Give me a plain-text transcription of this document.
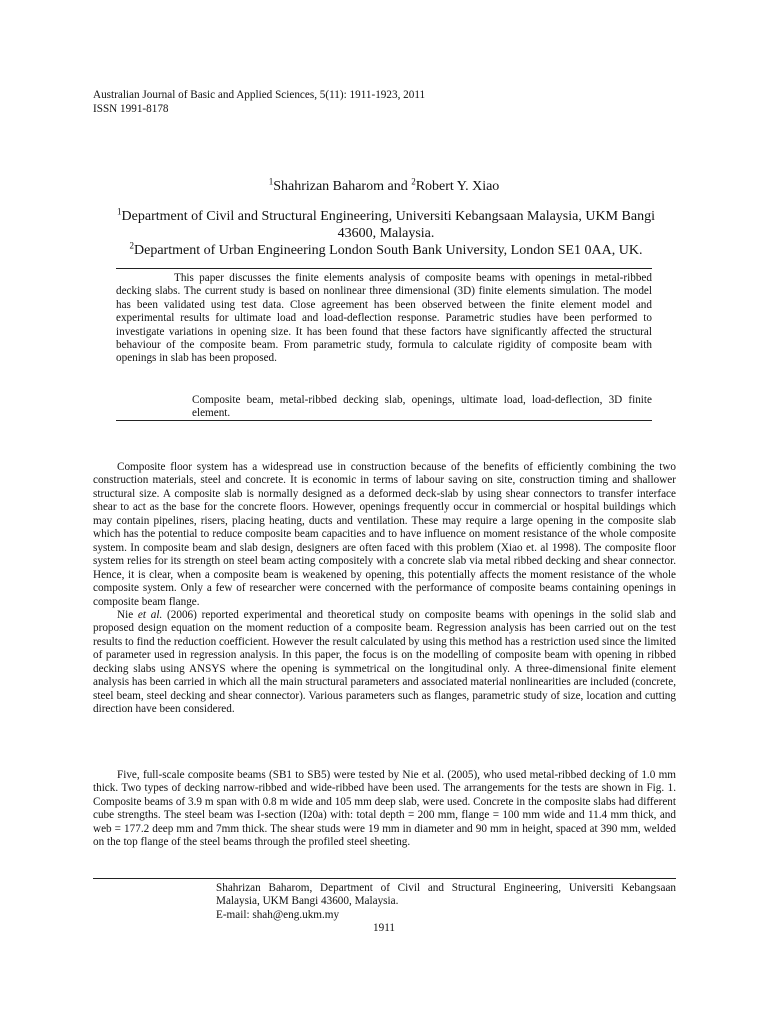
Australian Journal of Basic and Applied Sciences, 5(11): 1911-1923, 2011
ISSN 1991-8178
$^1$Shahrizan Baharom and $^2$Robert Y. Xiao
$^1$Department of Civil and Structural Engineering, Universiti Kebangsaan Malaysia, UKM Bangi 43600, Malaysia.
$^2$Department of Urban Engineering London South Bank University, London SE1 0AA, UK.
This paper discusses the finite elements analysis of composite beams with openings in metal-ribbed decking slabs. The current study is based on nonlinear three dimensional (3D) finite elements simulation. The model has been validated using test data. Close agreement has been observed between the finite element model and experimental results for ultimate load and load-deflection response. Parametric studies have been performed to investigate variations in opening size. It has been found that these factors have significantly affected the structural behaviour of the composite beam. From parametric study, formula to calculate rigidity of composite beam with openings in slab has been proposed.
Composite beam, metal-ribbed decking slab, openings, ultimate load, load-deflection, 3D finite element.

Composite floor system has a widespread use in construction because of the benefits of efficiently combining the two construction materials, steel and concrete. It is economic in terms of labour saving on site, construction timing and shallower structural size. A composite slab is normally designed as a deformed deck-slab by using shear connectors to transfer interface shear to act as the base for the concrete floors. However, openings frequently occur in commercial or hospital buildings which may contain pipelines, risers, placing heating, ducts and ventilation. These may require a large opening in the composite slab which has the potential to reduce composite beam capacities and to have influence on moment resistance of the whole composite system. In composite beam and slab design, designers are often faced with this problem (Xiao et. al 1998). The composite floor system relies for its strength on steel beam acting compositely with a concrete slab via metal ribbed decking and shear connector. Hence, it is clear, when a composite beam is weakened by opening, this potentially affects the moment resistance of the whole composite system. Only a few of researcher were concerned with the performance of composite beams containing openings in composite beam flange.

Nie et al. (2006) reported experimental and theoretical study on composite beams with openings in the solid slab and proposed design equation on the moment reduction of a composite beam. Regression analysis has been carried out on the test results to find the reduction coefficient. However the result calculated by using this method has a restriction used since the limited of parameter used in regression analysis. In this paper, the focus is on the modelling of composite beam with opening in ribbed decking slabs using ANSYS where the opening is symmetrical on the longitudinal only. A three-dimensional finite element analysis has been carried in which all the main structural parameters and associated material nonlinearities are included (concrete, steel beam, steel decking and shear connector). Various parameters such as flanges, parametric study of size, location and cutting direction have been considered.

Five, full-scale composite beams (SB1 to SB5) were tested by Nie et al. (2005), who used metal-ribbed decking of 1.0 mm thick. Two types of decking narrow-ribbed and wide-ribbed have been used. The arrangements for the tests are shown in Fig. 1. Composite beams of 3.9 m span with 0.8 m wide and 105 mm deep slab, were used. Concrete in the composite slabs had different cube strengths. The steel beam was I-section (I20a) with: total depth = 200 mm, flange = 100 mm wide and 11.4 mm thick, and web = 177.2 deep mm and 7mm thick. The shear studs were 19 mm in diameter and 90 mm in height, spaced at 390 mm, welded on the top flange of the steel beams through the profiled steel sheeting.

Shahrizan Baharom, Department of Civil and Structural Engineering, Universiti Kebangsaan Malaysia, UKM Bangi 43600, Malaysia.
E-mail: shah@eng.ukm.my
1911
